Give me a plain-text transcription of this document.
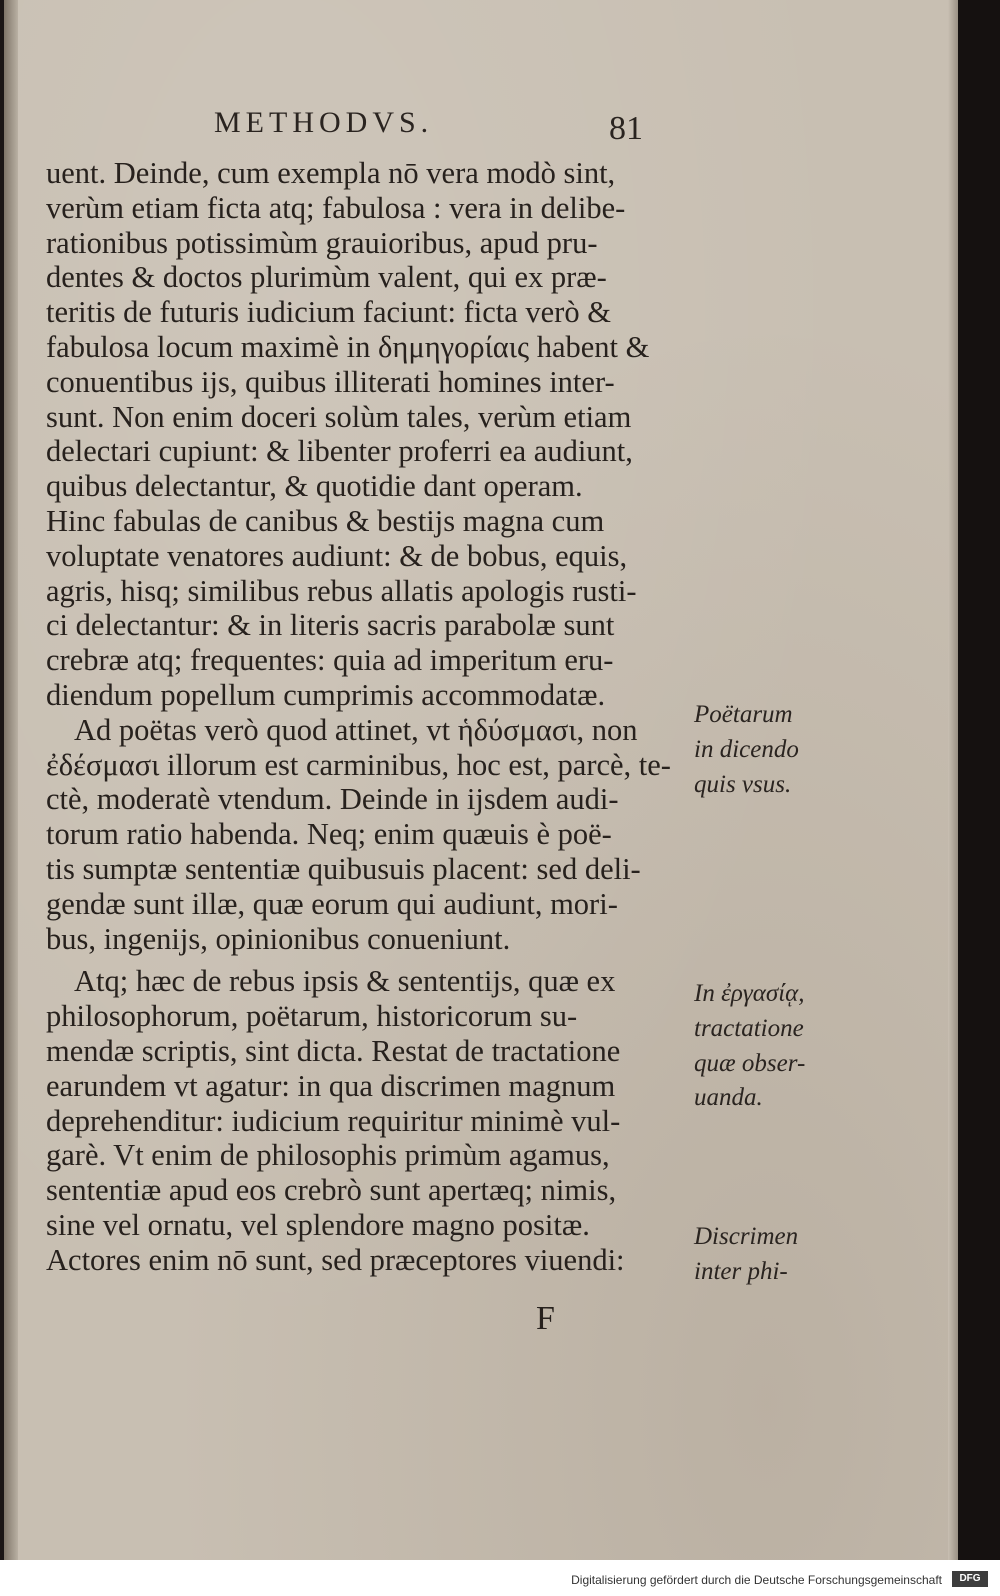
METHODVS.	81
uent. Deinde, cum exempla nō vera modò sint,
verùm etiam ficta atq; fabulosa : vera in delibe-
rationibus potissimùm grauioribus, apud pru-
dentes & doctos plurimùm valent, qui ex præ-
teritis de futuris iudicium faciunt: ficta verò &
fabulosa locum maximè in δημηγορίαις habent &
conuentibus ijs, quibus illiterati homines inter-
sunt. Non enim doceri solùm tales, verùm etiam
delectari cupiunt: & libenter proferri ea audiunt,
quibus delectantur, & quotidie dant operam.
Hinc fabulas de canibus & bestijs magna cum
voluptate venatores audiunt: & de bobus, equis,
agris, hisq; similibus rebus allatis apologis rusti-
ci delectantur: & in literis sacris parabolæ sunt
crebræ atq; frequentes: quia ad imperitum eru-
diendum popellum cumprimis accommodatæ.
Ad poëtas verò quod attinet, vt ἡδύσμασι, non
ἐδέσμασι illorum est carminibus, hoc est, parcè, te-
ctè, moderatè vtendum. Deinde in ijsdem audi-
torum ratio habenda. Neq; enim quæuis è poë-
tis sumptæ sententiæ quibusuis placent: sed deli-
gendæ sunt illæ, quæ eorum qui audiunt, mori-
bus, ingenijs, opinionibus conueniunt.
Atq; hæc de rebus ipsis & sententijs, quæ ex
philosophorum, poëtarum, historicorum su-
mendæ scriptis, sint dicta. Restat de tractatione
earundem vt agatur: in qua discrimen magnum
deprehenditur: iudicium requiritur minimè vul-
garè. Vt enim de philosophis primùm agamus,
sententiæ apud eos crebrò sunt apertæq; nimis,
sine vel ornatu, vel splendore magno positæ.
Actores enim nō sunt, sed præceptores viuendi:
Poëtarum
in dicendo
quis vsus.
In ἐργασίᾳ,
tractatione
quæ obser-
uanda.
Discrimen
inter phi-
F
Digitalisierung gefördert durch die Deutsche Forschungsgemeinschaft	DFG
